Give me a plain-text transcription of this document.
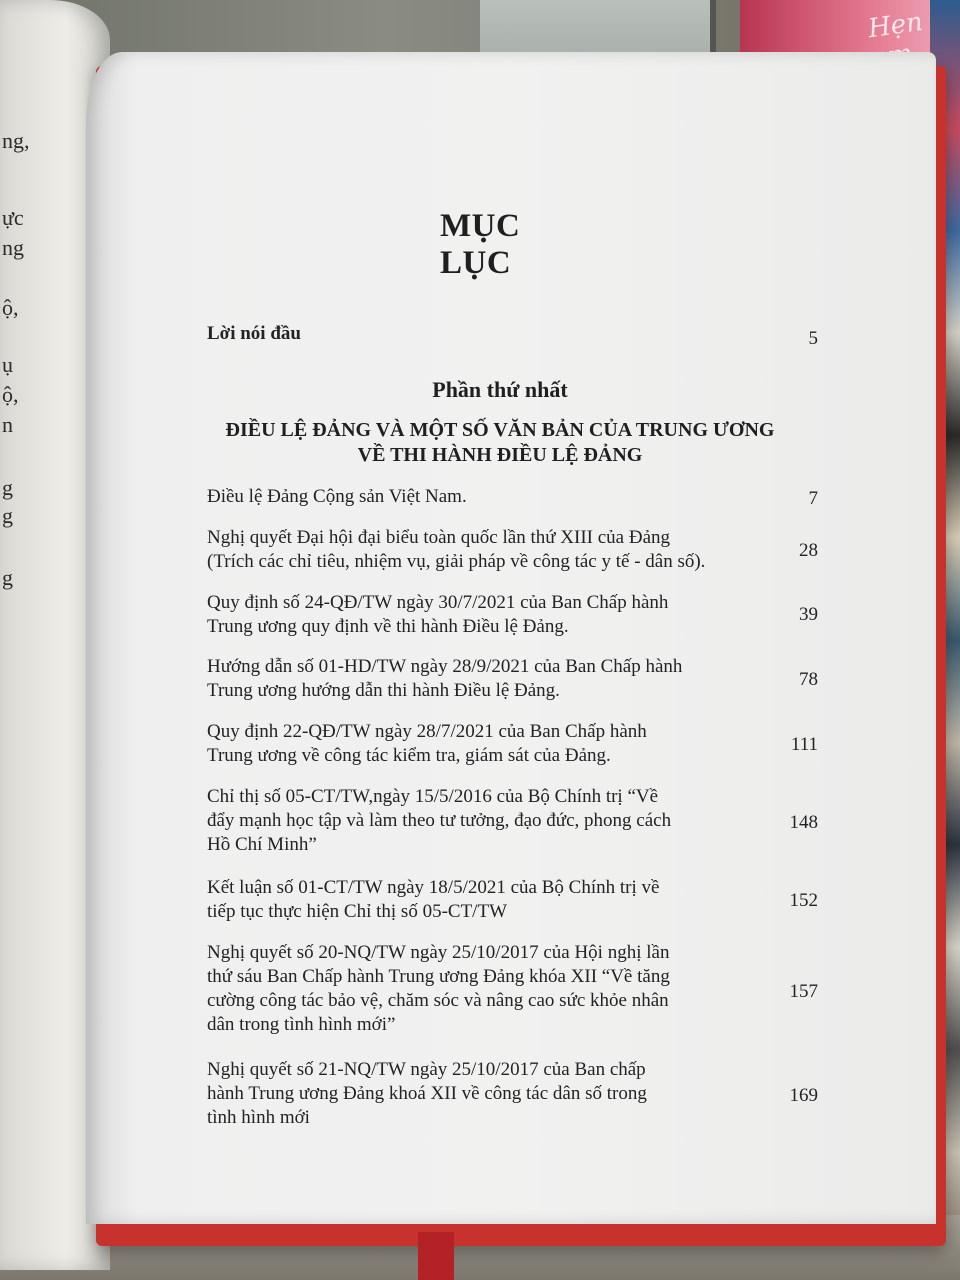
Hẹn
ng,
ực
ng
ộ,
ụ
ộ,
n
g
g
g
MỤC LỤC
Lời nói đầu	5
Phần thứ nhất
ĐIỀU LỆ ĐẢNG VÀ MỘT SỐ VĂN BẢN CỦA TRUNG ƯƠNG
VỀ THI HÀNH ĐIỀU LỆ ĐẢNG
Điều lệ Đảng Cộng sản Việt Nam.	7
Nghị quyết Đại hội đại biểu toàn quốc lần thứ XIII của Đảng
(Trích các chỉ tiêu, nhiệm vụ, giải pháp về công tác y tế - dân số).
28
Quy định số 24-QĐ/TW ngày 30/7/2021 của Ban Chấp hành
Trung ương quy định về thi hành Điều lệ Đảng.
39
Hướng dẫn số 01-HD/TW ngày 28/9/2021 của Ban Chấp hành
Trung ương hướng dẫn thi hành Điều lệ Đảng.
78
Quy định 22-QĐ/TW ngày 28/7/2021 của Ban Chấp hành
Trung ương về công tác kiểm tra, giám sát của Đảng.
111
Chỉ thị số 05-CT/TW,ngày 15/5/2016 của Bộ Chính trị “Về
đẩy mạnh học tập và làm theo tư tưởng, đạo đức, phong cách
Hồ Chí Minh”
148
Kết luận số 01-CT/TW ngày 18/5/2021 của Bộ Chính trị về
tiếp tục thực hiện Chỉ thị số 05-CT/TW
152
Nghị quyết số 20-NQ/TW ngày 25/10/2017 của Hội nghị lần
thứ sáu Ban Chấp hành Trung ương Đảng khóa XII “Về tăng
cường công tác bảo vệ, chăm sóc và nâng cao sức khỏe nhân
dân trong tình hình mới”
157
Nghị quyết số 21-NQ/TW ngày 25/10/2017 của Ban chấp
hành Trung ương Đảng khoá XII về công tác dân số trong
tình hình mới
169
